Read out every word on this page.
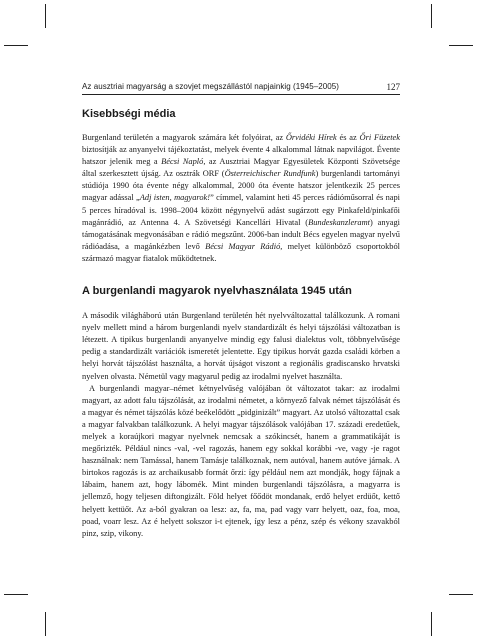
Az ausztriai magyarság a szovjet megszállástól napjainkig (1945–2005)	127
Kisebbségi média

Burgenland területén a magyarok számára két folyóirat, az Őrvidéki Hírek és az Őri Füzetek biztosítják az anyanyelvi tájékoztatást, melyek évente 4 alkalommal látnak napvilágot. Évente hatszor jelenik meg a Bécsi Napló, az Ausztriai Magyar Egyesületek Központi Szövetsége által szerkesztett újság. Az osztrák ORF (Österreichischer Rundfunk) burgenlandi tartományi stúdiója 1990 óta évente négy alkalommal, 2000 óta évente hatszor jelentkezik 25 perces magyar adással „Adj isten, magyarok!” címmel, valamint heti 45 perces rádióműsorral és napi 5 perces híradóval is. 1998–2004 között négynyelvű adást sugárzott egy Pinkafeld/pinkafői magánrádió, az Antenna 4. A Szövetségi Kancellári Hivatal (Bundeskanzleramt) anyagi támogatásának megvonásában e rádió megszűnt. 2006-ban indult Bécs egyelen magyar nyelvű rádióadása, a magánkézben levő Bécsi Magyar Rádió, melyet különböző csoportokból származó magyar fiatalok működtetnek.

A burgenlandi magyarok nyelvhasználata 1945 után

A második világháború után Burgenland területén hét nyelvváltozattal találkozunk. A romani nyelv mellett mind a három burgenlandi nyelv standardizált és helyi tájszólási változatban is létezett. A tipikus burgenlandi anyanyelve mindig egy falusi dialektus volt, többnyelvűsége pedig a standardizált variációk ismeretét jelentette. Egy tipikus horvát gazda családi körben a helyi horvát tájszólást használta, a horvát újságot viszont a regionális gradiscansko hrvatski nyelven olvasta. Németül vagy magyarul pedig az irodalmi nyelvet használta.

A burgenlandi magyar–német kétnyelvűség valójában öt változatot takar: az irodalmi magyart, az adott falu tájszólását, az irodalmi németet, a környező falvak német tájszólását és a magyar és német tájszólás közé beékelődött „pidginizált” magyart. Az utolsó változattal csak a magyar falvakban találkozunk. A helyi magyar tájszólások valójában 17. századi eredetűek, melyek a koraújkori magyar nyelvnek nemcsak a szókincsét, hanem a grammatikáját is megőrizték. Például nincs -val, -vel ragozás, hanem egy sokkal korábbi -ve, vagy -je ragot használnak: nem Tamással, hanem Tamásje találkoznak, nem autóval, hanem autóve járnak. A birtokos ragozás is az archaikusabb formát őrzi: így például nem azt mondják, hogy fájnak a lábaim, hanem azt, hogy lábomék. Mint minden burgenlandi tájszólásra, a magyarra is jellemző, hogy teljesen diftongizált. Föld helyet főődöt mondanak, erdő helyet erdüőt, kettő helyett kettüőt. Az a-ból gyakran oa lesz: az, fa, ma, pad vagy varr helyett, oaz, foa, moa, poad, voarr lesz. Az é helyett sokszor i-t ejtenek, így lesz a pénz, szép és vékony szavakból pinz, szip, vikony.
